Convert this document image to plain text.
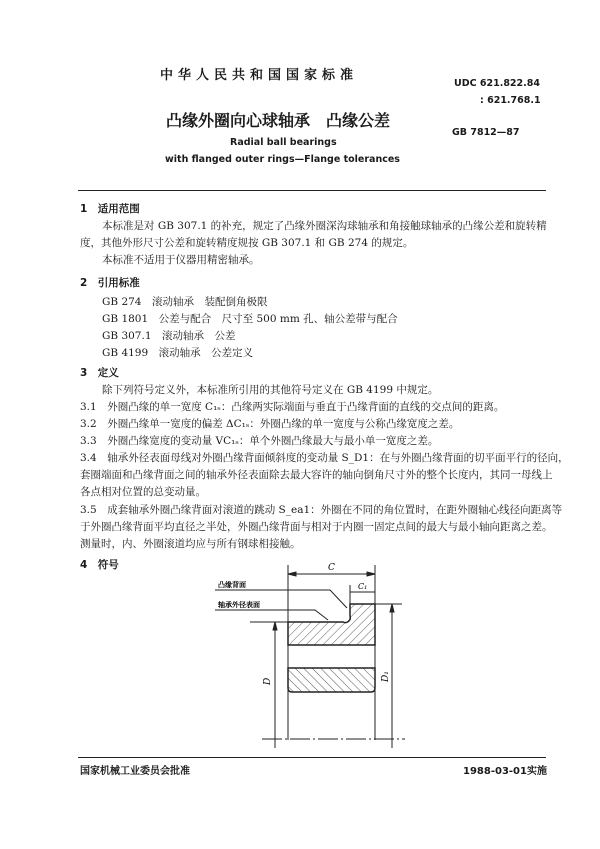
中华人民共和国国家标准
UDC 621.822.84
: 621.768.1
凸缘外圈向心球轴承　凸缘公差
GB 7812—87
Radial ball bearings
with flanged outer rings—Flange tolerances
1　适用范围
本标准是对 GB 307.1 的补充，规定了凸缘外圈深沟球轴承和角接触球轴承的凸缘公差和旋转精
度，其他外形尺寸公差和旋转精度规按 GB 307.1 和 GB 274 的规定。
本标准不适用于仪器用精密轴承。
2　引用标准
GB 274　滚动轴承　装配倒角极限
GB 1801　公差与配合　尺寸至 500 mm 孔、轴公差带与配合
GB 307.1　滚动轴承　公差
GB 4199　滚动轴承　公差定义
3　定义
除下列符号定义外，本标准所引用的其他符号定义在 GB 4199 中规定。
3.1　外圈凸缘的单一宽度 C₁ₛ：凸缘两实际端面与垂直于凸缘背面的直线的交点间的距离。
3.2　外圈凸缘单一宽度的偏差 ΔC₁ₛ：外圈凸缘的单一宽度与公称凸缘宽度之差。
3.3　外圈凸缘宽度的变动量 VC₁ₛ：单个外圈凸缘最大与最小单一宽度之差。
3.4　轴承外径表面母线对外圈凸缘背面倾斜度的变动量 S_D1：在与外圈凸缘背面的切平面平行的径向，
套圈端面和凸缘背面之间的轴承外径表面除去最大容许的轴向倒角尺寸外的整个长度内，其同一母线上
各点相对位置的总变动量。
3.5　成套轴承外圈凸缘背面对滚道的跳动 S_ea1：外圈在不同的角位置时，在距外圈轴心线径向距离等
于外圈凸缘背面平均直径之半处，外圈凸缘背面与相对于内圈一固定点间的最大与最小轴向距离之差。
测量时，内、外圈滚道均应与所有钢球相接触。
4　符号
凸缘背面
轴承外径表面
C
C₁
D	D₁
国家机械工业委员会批准	1988-03-01实施
